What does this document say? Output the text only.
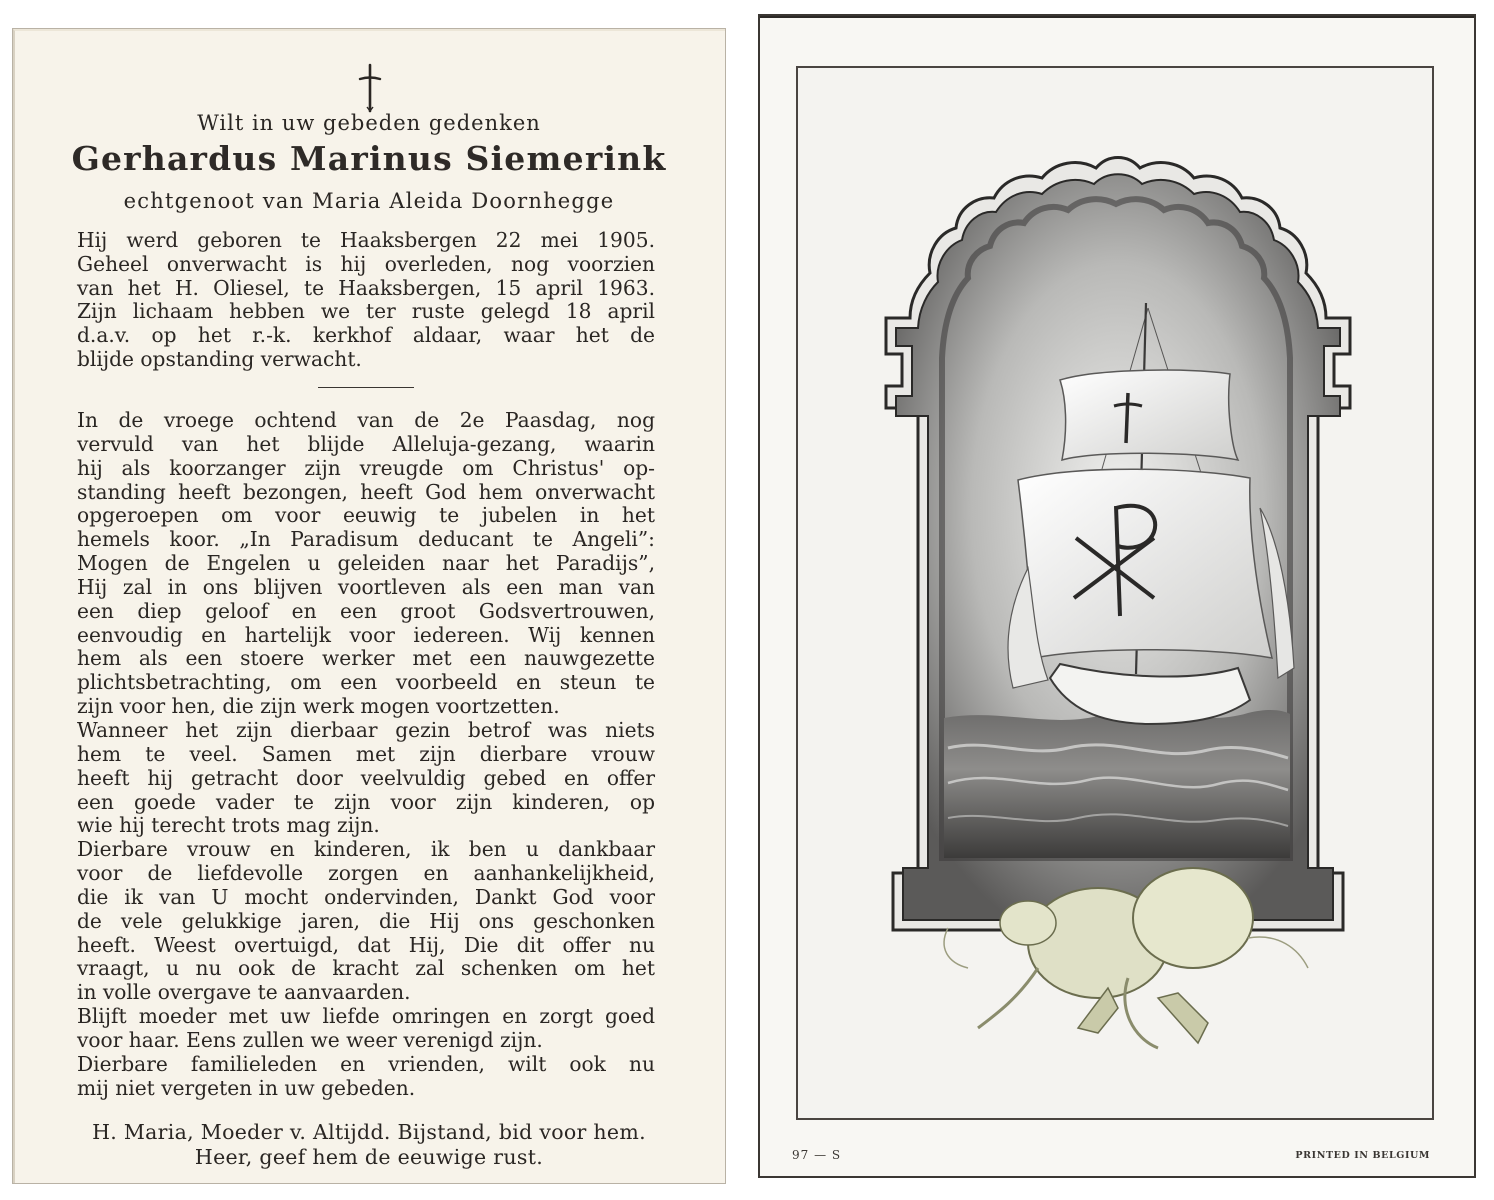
Wilt in uw gebeden gedenken
Gerhardus Marinus Siemerink
echtgenoot van Maria Aleida Doornhegge
Hij werd geboren te Haaksbergen 22 mei 1905.
Geheel onverwacht is hij overleden, nog voorzien
van het H. Oliesel, te Haaksbergen, 15 april 1963.
Zijn lichaam hebben we ter ruste gelegd 18 april
d.a.v. op het r.-k. kerkhof aldaar, waar het de
blijde opstanding verwacht.
In de vroege ochtend van de 2e Paasdag, nog
vervuld van het blijde Alleluja-gezang, waarin
hij als koorzanger zijn vreugde om Christus' op-
standing heeft bezongen, heeft God hem onverwacht
opgeroepen om voor eeuwig te jubelen in het
hemels koor. „In Paradisum deducant te Angeli”:
Mogen de Engelen u geleiden naar het Paradijs”,
Hij zal in ons blijven voortleven als een man van
een diep geloof en een groot Godsvertrouwen,
eenvoudig en hartelijk voor iedereen. Wij kennen
hem als een stoere werker met een nauwgezette
plichtsbetrachting, om een voorbeeld en steun te
zijn voor hen, die zijn werk mogen voortzetten.
Wanneer het zijn dierbaar gezin betrof was niets
hem te veel. Samen met zijn dierbare vrouw
heeft hij getracht door veelvuldig gebed en offer
een goede vader te zijn voor zijn kinderen, op
wie hij terecht trots mag zijn.
Dierbare vrouw en kinderen, ik ben u dankbaar
voor de liefdevolle zorgen en aanhankelijkheid,
die ik van U mocht ondervinden, Dankt God voor
de vele gelukkige jaren, die Hij ons geschonken
heeft. Weest overtuigd, dat Hij, Die dit offer nu
vraagt, u nu ook de kracht zal schenken om het
in volle overgave te aanvaarden.
Blijft moeder met uw liefde omringen en zorgt goed
voor haar. Eens zullen we weer verenigd zijn.
Dierbare familieleden en vrienden, wilt ook nu
mij niet vergeten in uw gebeden.
H. Maria, Moeder v. Altijdd. Bijstand, bid voor hem.
Heer, geef hem de eeuwige rust.	97 — S	PRINTED IN BELGIUM
